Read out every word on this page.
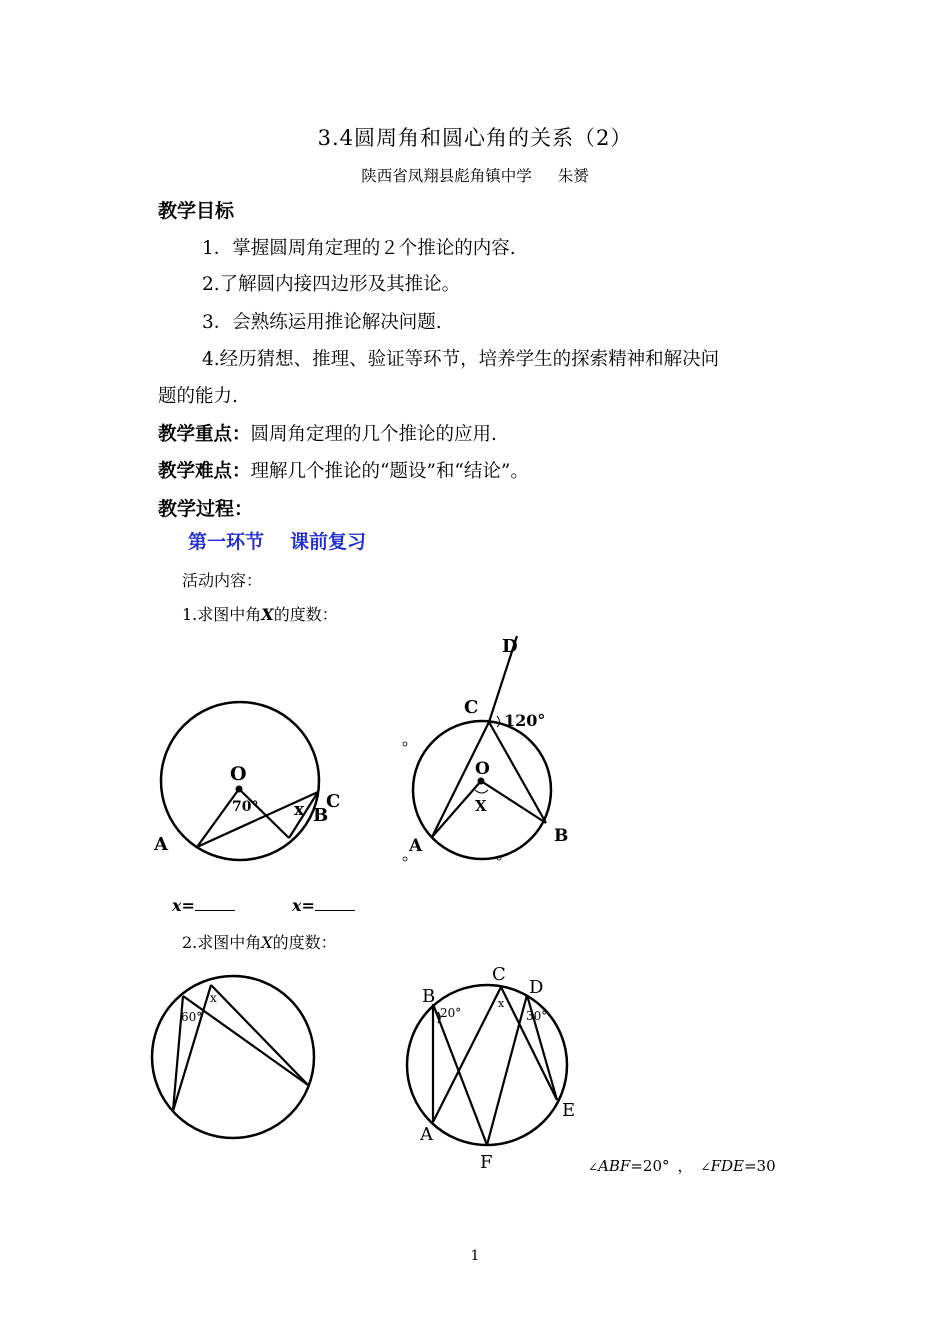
3.4圆周角和圆心角的关系（2）
陕西省凤翔县彪角镇中学 朱赟
教学目标
1．掌握圆周角定理的２个推论的内容.
2.了解圆内接四边形及其推论。
3．会熟练运用推论解决问题.
4.经历猜想、推理、验证等环节，培养学生的探索精神和解决问
题的能力.
教学重点：圆周角定理的几个推论的应用.
教学难点：理解几个推论的“题设”和“结论”。
教学过程：
第一环节 课前复习
活动内容：
1.求图中角X的度数：
O
70° x
A
B
C
D
C
120°
O
X
A	B
x=	x=
2.求图中角X的度数：
60°
x	B
C
D
E
F
A
x
20°	30°
∠ABF=20° ， ∠FDE=30
1
